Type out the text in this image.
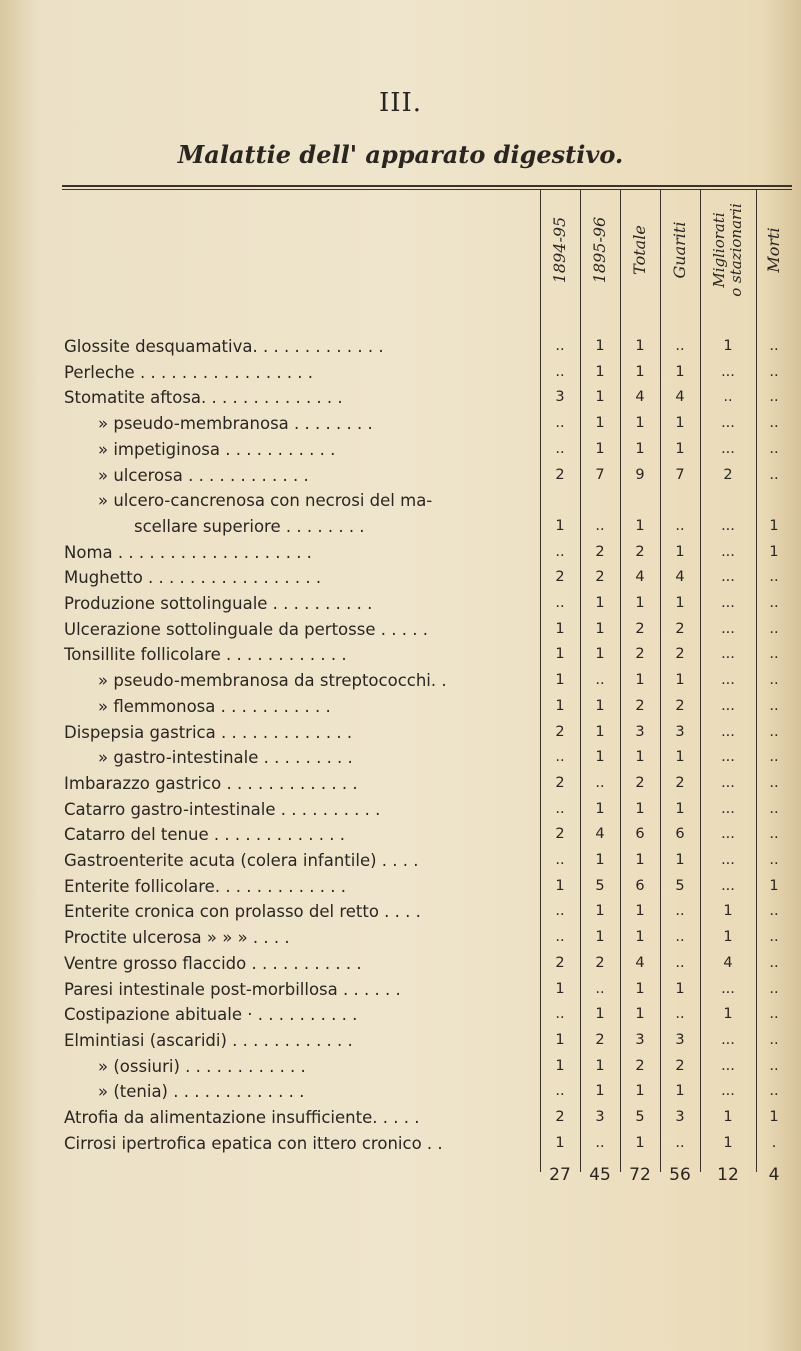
III.
Malattie dell' apparato digestivo.
1894-95 1895-96 Totale Guariti Migliorati o stazionarii Morti
Glossite desquamativa. . . . . . . . . . . . .	..	1	1	..	1	..
Perleche . . . . . . . . . . . . . . . . .	..	1	1	1	...	..
Stomatite aftosa. . . . . . . . . . . . . .	3	1	4	4	..	..
» pseudo-membranosa . . . . . . . .	..	1	1	1	...	..
» impetiginosa . . . . . . . . . . .	..	1	1	1	...	..
» ulcerosa . . . . . . . . . . . .	2	7	9	7	2	..
» ulcero-cancrenosa con necrosi del ma-
scellare superiore . . . . . . . .	1	..	1	..	...	1
Noma . . . . . . . . . . . . . . . . . . .	..	2	2	1	...	1
Mughetto . . . . . . . . . . . . . . . . .	2	2	4	4	...	..
Produzione sottolinguale . . . . . . . . . .	..	1	1	1	...	..
Ulcerazione sottolinguale da pertosse . . . . .	1	1	2	2	...	..
Tonsillite follicolare . . . . . . . . . . . .	1	1	2	2	...	..
» pseudo-membranosa da streptococchi. .	1	..	1	1	...	..
» flemmonosa . . . . . . . . . . .	1	1	2	2	...	..
Dispepsia gastrica . . . . . . . . . . . . .	2	1	3	3	...	..
» gastro-intestinale . . . . . . . . .	..	1	1	1	...	..
Imbarazzo gastrico . . . . . . . . . . . . .	2	..	2	2	...	..
Catarro gastro-intestinale . . . . . . . . . .	..	1	1	1	...	..
Catarro del tenue . . . . . . . . . . . . .	2	4	6	6	...	..
Gastroenterite acuta (colera infantile) . . . .	..	1	1	1	...	..
Enterite follicolare. . . . . . . . . . . . .	1	5	6	5	...	1
Enterite cronica con prolasso del retto . . . .	..	1	1	..	1	..
Proctite ulcerosa » » » . . . .	..	1	1	..	1	..
Ventre grosso flaccido . . . . . . . . . . .	2	2	4	..	4	..
Paresi intestinale post-morbillosa . . . . . .	1	..	1	1	...	..
Costipazione abituale · . . . . . . . . . .	..	1	1	..	1	..
Elmintiasi (ascaridi) . . . . . . . . . . . .	1	2	3	3	...	..
» (ossiuri) . . . . . . . . . . . .	1	1	2	2	...	..
» (tenia) . . . . . . . . . . . . .	..	1	1	1	...	..
Atrofia da alimentazione insufficiente. . . . .	2	3	5	3	1	1
Cirrosi ipertrofica epatica con ittero cronico . .	1	..	1	..	1	.
27	45	72	56	12	4
